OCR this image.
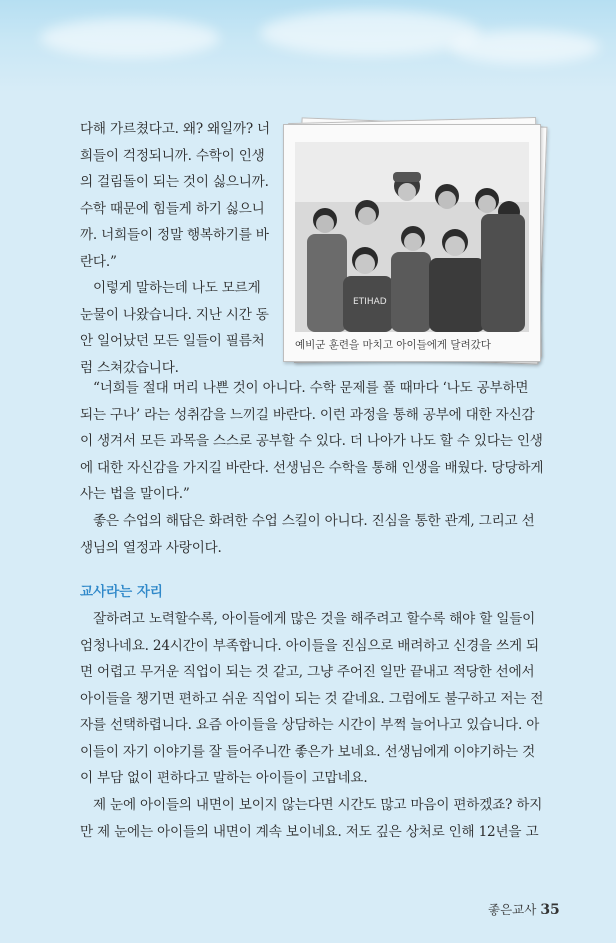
다해 가르쳤다고. 왜? 왜일까? 너
희들이 걱정되니까. 수학이 인생
의 걸림돌이 되는 것이 싫으니까.
수학 때문에 힘들게 하기 싫으니
까. 너희들이 정말 행복하기를 바
란다.”
이렇게 말하는데 나도 모르게
눈물이 나왔습니다. 지난 시간 동
안 일어났던 모든 일들이 필름처
럼 스쳐갔습니다.
ETIHAD
예비군 훈련을 마치고 아이들에게 달려갔다
“너희들 절대 머리 나쁜 것이 아니다. 수학 문제를 풀 때마다 ‘나도 공부하면
되는 구나’ 라는 성취감을 느끼길 바란다. 이런 과정을 통해 공부에 대한 자신감
이 생겨서 모든 과목을 스스로 공부할 수 있다. 더 나아가 나도 할 수 있다는 인생
에 대한 자신감을 가지길 바란다. 선생님은 수학을 통해 인생을 배웠다. 당당하게
사는 법을 말이다.”
좋은 수업의 해답은 화려한 수업 스킬이 아니다. 진심을 통한 관계, 그리고 선
생님의 열정과 사랑이다.
교사라는 자리
잘하려고 노력할수록, 아이들에게 많은 것을 해주려고 할수록 해야 할 일들이
엄청나네요. 24시간이 부족합니다. 아이들을 진심으로 배려하고 신경을 쓰게 되
면 어렵고 무거운 직업이 되는 것 같고, 그냥 주어진 일만 끝내고 적당한 선에서
아이들을 챙기면 편하고 쉬운 직업이 되는 것 같네요. 그럼에도 불구하고 저는 전
자를 선택하렵니다. 요즘 아이들을 상담하는 시간이 부쩍 늘어나고 있습니다. 아
이들이 자기 이야기를 잘 들어주니깐 좋은가 보네요. 선생님에게 이야기하는 것
이 부담 없이 편하다고 말하는 아이들이 고맙네요.
제 눈에 아이들의 내면이 보이지 않는다면 시간도 많고 마음이 편하겠죠? 하지
만 제 눈에는 아이들의 내면이 계속 보이네요. 저도 깊은 상처로 인해 12년을 고
좋은교사 35
